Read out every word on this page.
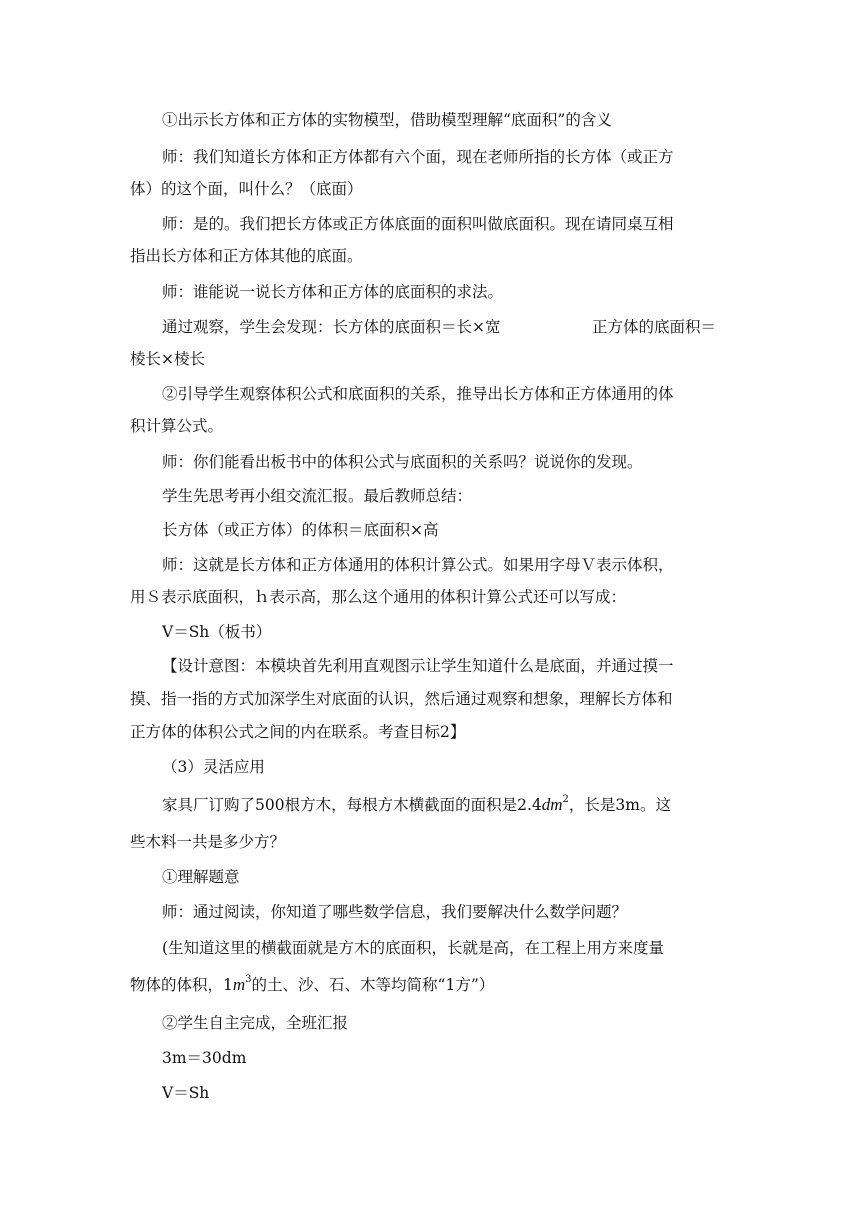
①出示长方体和正方体的实物模型，借助模型理解“底面积”的含义
师：我们知道长方体和正方体都有六个面，现在老师所指的长方体（或正方
体）的这个面，叫什么？（底面）
师：是的。我们把长方体或正方体底面的面积叫做底面积。现在请同桌互相
指出长方体和正方体其他的底面。
师：谁能说一说长方体和正方体的底面积的求法。
通过观察，学生会发现：长方体的底面积＝长×宽	正方体的底面积＝
棱长×棱长
②引导学生观察体积公式和底面积的关系，推导出长方体和正方体通用的体
积计算公式。
师：你们能看出板书中的体积公式与底面积的关系吗？说说你的发现。
学生先思考再小组交流汇报。最后教师总结：
长方体（或正方体）的体积＝底面积×高
师：这就是长方体和正方体通用的体积计算公式。如果用字母Ｖ表示体积，
用Ｓ表示底面积，ｈ表示高，那么这个通用的体积计算公式还可以写成：
V＝Sh（板书）
【设计意图：本模块首先利用直观图示让学生知道什么是底面，并通过摸一
摸、指一指的方式加深学生对底面的认识，然后通过观察和想象，理解长方体和
正方体的体积公式之间的内在联系。考查目标2】
（3）灵活应用
家具厂订购了500根方木，每根方木横截面的面积是$2.4dm^2$，长是3m。这
些木料一共是多少方？
①理解题意
师：通过阅读，你知道了哪些数学信息，我们要解决什么数学问题？
(生知道这里的横截面就是方木的底面积，长就是高，在工程上用方来度量
物体的体积，$1m^3$的土、沙、石、木等均简称“1方”）
②学生自主完成，全班汇报
3m＝30dm
V＝Sh
